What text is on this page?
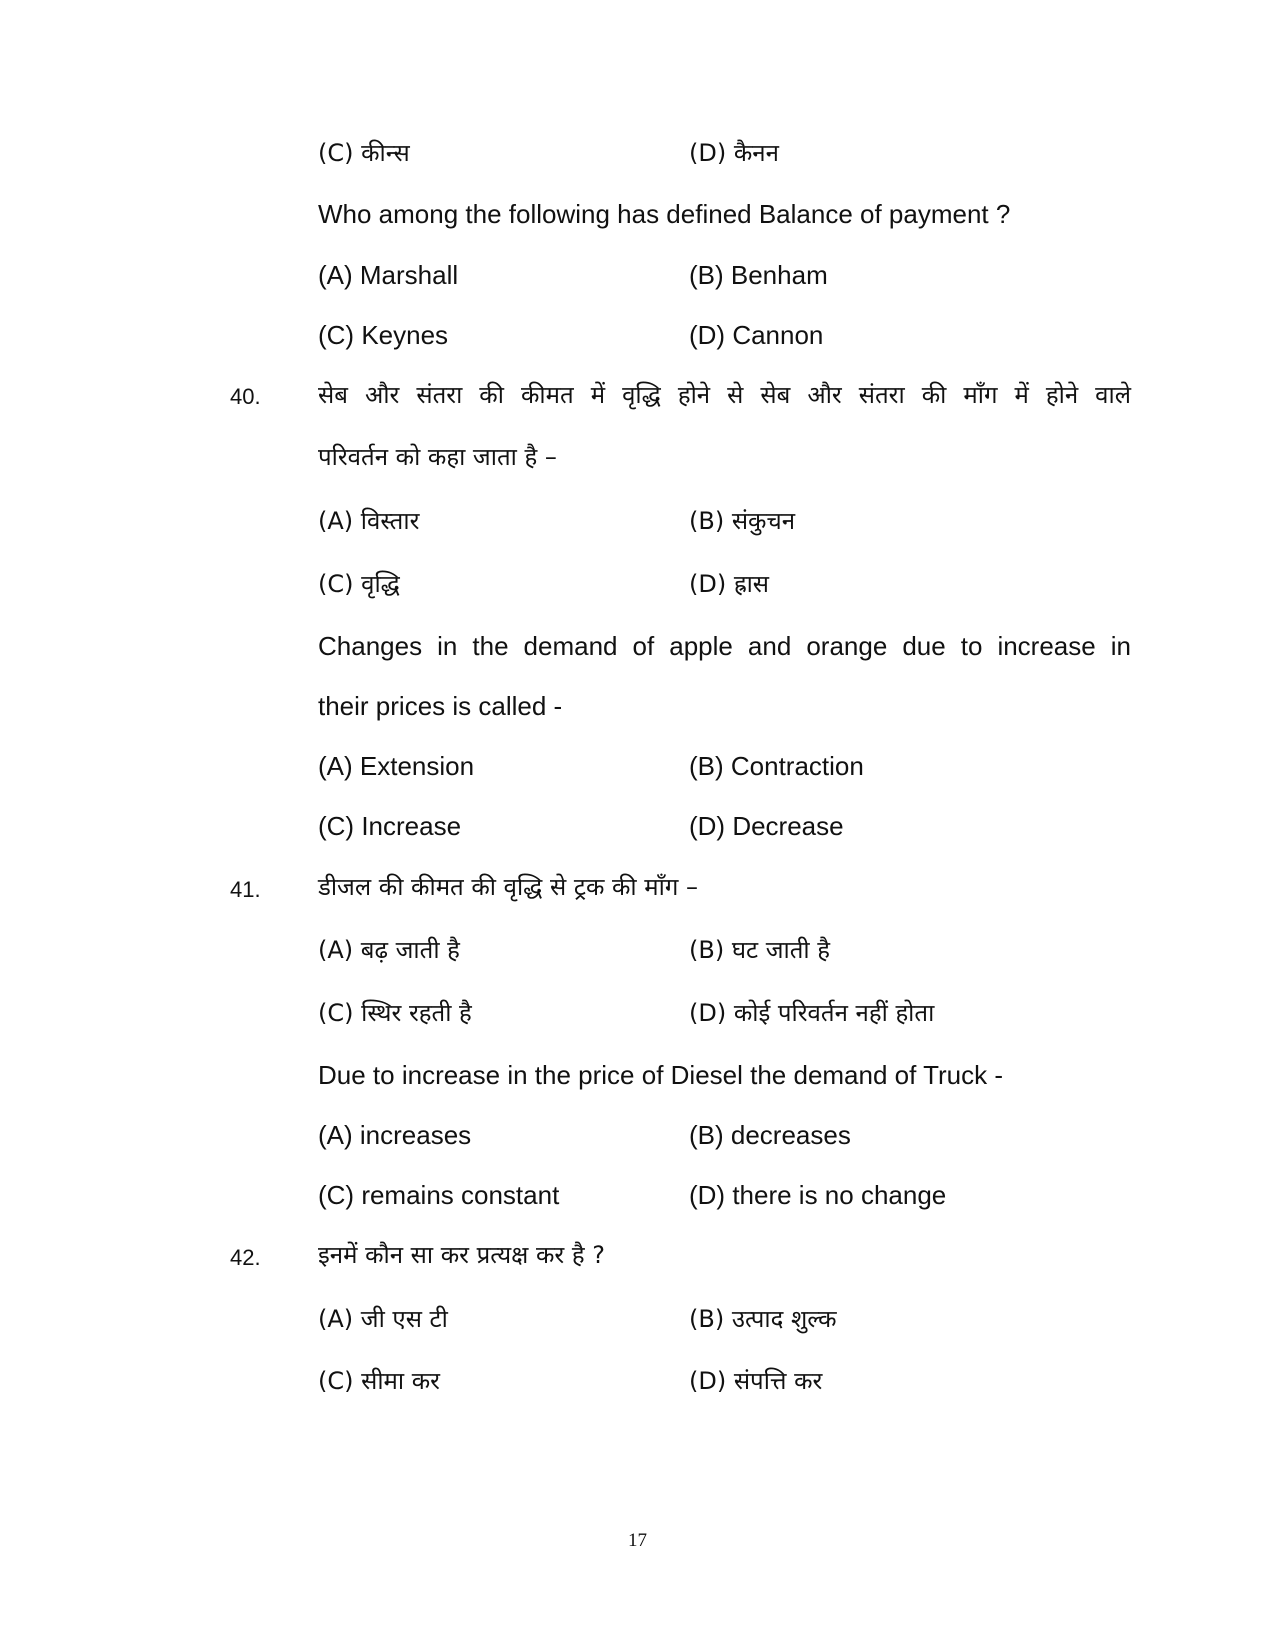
(C) कीन्स	(D) कैनन
Who among the following has defined Balance of payment ?
(A) Marshall	(B) Benham
(C) Keynes	(D) Cannon
40. सेब और संतरा की कीमत में वृद्धि होने से सेब और संतरा की माँग में होने वाले
परिवर्तन को कहा जाता है –
(A) विस्तार	(B) संकुचन
(C) वृद्धि	(D) ह्रास
Changes in the demand of apple and orange due to increase in
their prices is called -
(A) Extension	(B) Contraction
(C) Increase	(D) Decrease
41. डीजल की कीमत की वृद्धि से ट्रक की माँग –
(A) बढ़ जाती है	(B) घट जाती है
(C) स्थिर रहती है	(D) कोई परिवर्तन नहीं होता
Due to increase in the price of Diesel the demand of Truck -
(A) increases	(B) decreases
(C) remains constant	(D) there is no change
42. इनमें कौन सा कर प्रत्यक्ष कर है ?
(A) जी एस टी	(B) उत्पाद शुल्क
(C) सीमा कर	(D) संपत्ति कर
17
